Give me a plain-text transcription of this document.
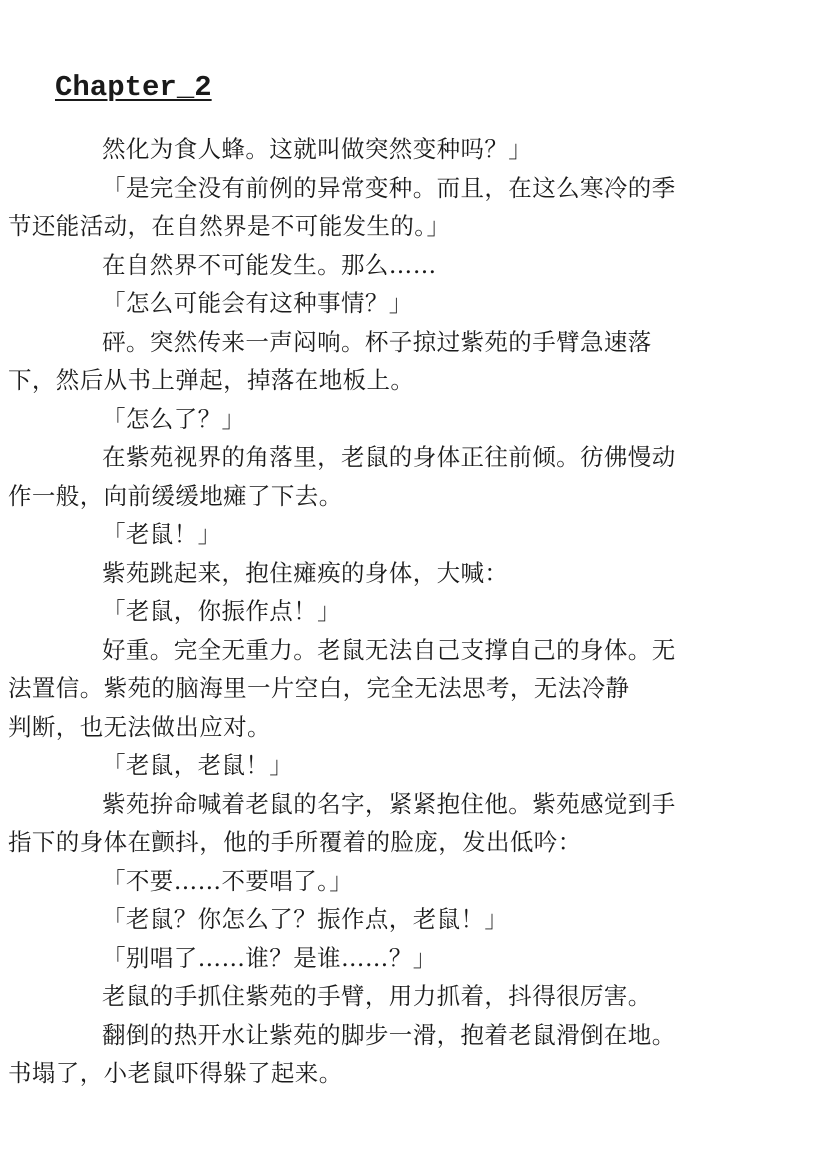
Chapter_2

然化为食人蜂。这就叫做突然变种吗？」

「是完全没有前例的异常变种。而且，在这么寒冷的季
节还能活动，在自然界是不可能发生的。」

在自然界不可能发生。那么……

「怎么可能会有这种事情？」

砰。突然传来一声闷响。杯子掠过紫苑的手臂急速落
下，然后从书上弹起，掉落在地板上。

「怎么了？」

在紫苑视界的角落里，老鼠的身体正往前倾。彷佛慢动
作一般，向前缓缓地瘫了下去。

「老鼠！」

紫苑跳起来，抱住瘫痪的身体，大喊：

「老鼠，你振作点！」

好重。完全无重力。老鼠无法自己支撑自己的身体。无
法置信。紫苑的脑海里一片空白，完全无法思考，无法冷静
判断，也无法做出应对。

「老鼠，老鼠！」

紫苑拚命喊着老鼠的名字，紧紧抱住他。紫苑感觉到手
指下的身体在颤抖，他的手所覆着的脸庞，发出低吟：

「不要……不要唱了。」

「老鼠？你怎么了？振作点，老鼠！」

「别唱了……谁？是谁……？」

老鼠的手抓住紫苑的手臂，用力抓着，抖得很厉害。

翻倒的热开水让紫苑的脚步一滑，抱着老鼠滑倒在地。
书塌了，小老鼠吓得躲了起来。
